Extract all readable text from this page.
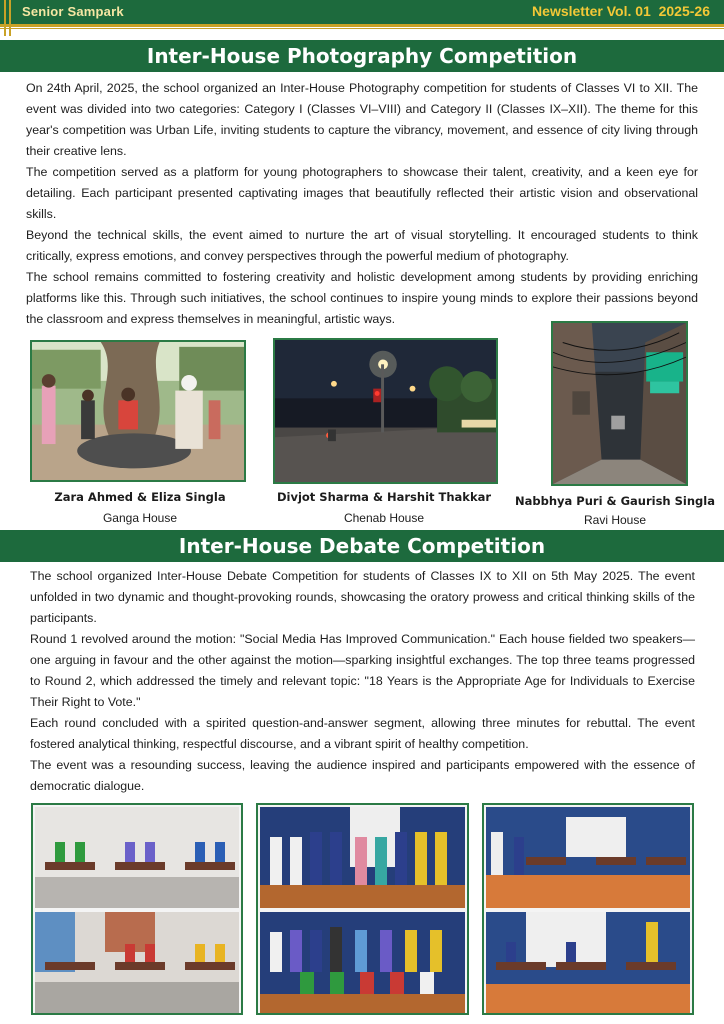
Senior Sampark	Newsletter Vol. 01  2025-26
Inter-House Photography Competition

On 24th April, 2025, the school organized an Inter-House Photography competition for students of Classes VI to XII. The event was divided into two categories: Category I (Classes VI–VIII) and Category II (Classes IX–XII). The theme for this year's competition was Urban Life, inviting students to capture the vibrancy, movement, and essence of city living through their creative lens.

The competition served as a platform for young photographers to showcase their talent, creativity, and a keen eye for detailing. Each participant presented captivating images that beautifully reflected their artistic vision and observational skills.

Beyond the technical skills, the event aimed to nurture the art of visual storytelling. It encouraged students to think critically, express emotions, and convey perspectives through the powerful medium of photography.

The school remains committed to fostering creativity and holistic development among students by providing enriching platforms like this. Through such initiatives, the school continues to inspire young minds to explore their passions beyond the classroom and express themselves in meaningful, artistic ways.

Zara Ahmed & Eliza Singla
Ganga House
Divjot Sharma & Harshit Thakkar
Chenab House
Nabbhya Puri & Gaurish Singla
Ravi House
Inter-House Debate Competition

The school organized Inter-House Debate Competition for students of Classes IX to XII on 5th May 2025. The event unfolded in two dynamic and thought-provoking rounds, showcasing the oratory prowess and critical thinking skills of the participants.

Round 1 revolved around the motion: "Social Media Has Improved Communication." Each house fielded two speakers—one arguing in favour and the other against the motion—sparking insightful exchanges. The top three teams progressed to Round 2, which addressed the timely and relevant topic: "18 Years is the Appropriate Age for Individuals to Exercise Their Right to Vote."

Each round concluded with a spirited question-and-answer segment, allowing three minutes for rebuttal. The event fostered analytical thinking, respectful discourse, and a vibrant spirit of healthy competition.

The event was a resounding success, leaving the audience inspired and participants empowered with the essence of democratic dialogue.
